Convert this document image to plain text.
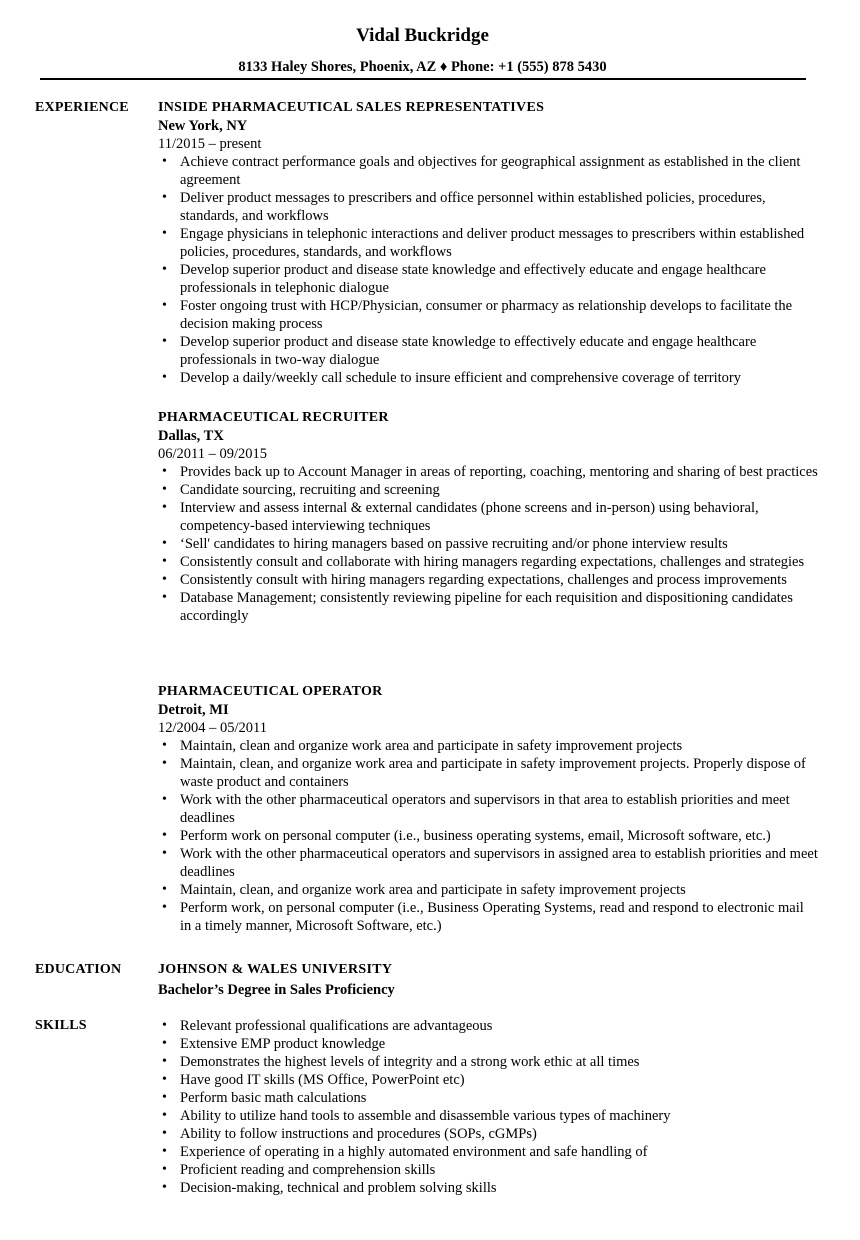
Vidal Buckridge
8133 Haley Shores, Phoenix, AZ ♦ Phone: +1 (555) 878 5430
EXPERIENCE INSIDE PHARMACEUTICAL SALES REPRESENTATIVES
New York, NY
11/2015 – present
• Achieve contract performance goals and objectives for geographical assignment as established in the client agreement
• Deliver product messages to prescribers and office personnel within established policies, procedures, standards, and workflows
• Engage physicians in telephonic interactions and deliver product messages to prescribers within established policies, procedures, standards, and workflows
• Develop superior product and disease state knowledge and effectively educate and engage healthcare professionals in telephonic dialogue
• Foster ongoing trust with HCP/Physician, consumer or pharmacy as relationship develops to facilitate the decision making process
• Develop superior product and disease state knowledge to effectively educate and engage healthcare professionals in two-way dialogue
• Develop a daily/weekly call schedule to insure efficient and comprehensive coverage of territory
PHARMACEUTICAL RECRUITER
Dallas, TX
06/2011 – 09/2015
• Provides back up to Account Manager in areas of reporting, coaching, mentoring and sharing of best practices
• Candidate sourcing, recruiting and screening
• Interview and assess internal & external candidates (phone screens and in-person) using behavioral, competency-based interviewing techniques
• ‘Sell' candidates to hiring managers based on passive recruiting and/or phone interview results
• Consistently consult and collaborate with hiring managers regarding expectations, challenges and strategies
• Consistently consult with hiring managers regarding expectations, challenges and process improvements
• Database Management; consistently reviewing pipeline for each requisition and dispositioning candidates accordingly
PHARMACEUTICAL OPERATOR
Detroit, MI
12/2004 – 05/2011
• Maintain, clean and organize work area and participate in safety improvement projects
• Maintain, clean, and organize work area and participate in safety improvement projects. Properly dispose of waste product and containers
• Work with the other pharmaceutical operators and supervisors in that area to establish priorities and meet deadlines
• Perform work on personal computer (i.e., business operating systems, email, Microsoft software, etc.)
• Work with the other pharmaceutical operators and supervisors in assigned area to establish priorities and meet deadlines
• Maintain, clean, and organize work area and participate in safety improvement projects
• Perform work, on personal computer (i.e., Business Operating Systems, read and respond to electronic mail in a timely manner, Microsoft Software, etc.)
EDUCATION	JOHNSON & WALES UNIVERSITY
Bachelor’s Degree in Sales Proficiency
SKILLS
•	Relevant professional qualifications are advantageous
• Extensive EMP product knowledge
• Demonstrates the highest levels of integrity and a strong work ethic at all times
• Have good IT skills (MS Office, PowerPoint etc)
• Perform basic math calculations
• Ability to utilize hand tools to assemble and disassemble various types of machinery
• Ability to follow instructions and procedures (SOPs, cGMPs)
• Experience of operating in a highly automated environment and safe handling of
• Proficient reading and comprehension skills
• Decision-making, technical and problem solving skills
